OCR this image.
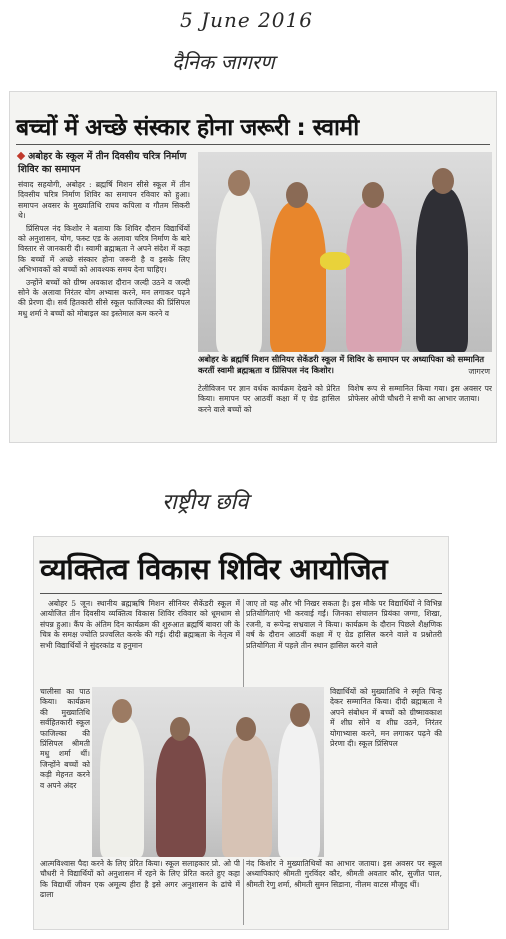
5 June 2016
दैनिक जागरण
राष्ट्रीय छवि
बच्चों में अच्छे संस्कार होना जरूरी : स्वामी
अबोहर के स्कूल में तीन दिवसीय चरित्र निर्माण शिविर का समापन

संवाद सहयोगी, अबोहर : ब्रह्मर्षि मिशन सीसे स्कूल में तीन दिवसीय चरित्र निर्माण शिविर का समापन रविवार को हुआ। समापन अवसर के मुख्यातिथि राघव कपिला व गौतम सिकरी थे।

प्रिंसिपल नंद किशोर ने बताया कि शिविर दौरान विद्यार्थियों को अनुशासन, योग, फस्र्ट एड के अलावा चरित्र निर्माण के बारे विस्तार से जानकारी दी। स्वामी ब्रह्मऋता ने अपने संदेश में कहा कि बच्चों में अच्छे संस्कार होना जरूरी है व इसके लिए अभिभावकों को बच्चों को आवश्यक समय देना चाहिए।

उन्होंने बच्चों को ग्रीष्म अवकाश दौरान जल्दी उठने व जल्दी सोने के अलावा निरंतर योग अभ्यास करने, मन लगाकर पढ़ने की प्रेरणा दी। सर्व हितकारी सीसे स्कूल फाजिल्का की प्रिंसिपल मधु शर्मा ने बच्चों को मोबाइल का इस्तेमाल कम करने व

अबोहर के ब्रह्मर्षि मिशन सीनियर सेकेंडरी स्कूल में शिविर के समापन पर अध्यापिका को सम्मानित करतीं स्वामी ब्रह्मऋता व प्रिंसिपल नंद किशोर।	जागरण

टेलीविजन पर ज्ञान वर्धक कार्यक्रम देखने को प्रेरित किया। समापन पर आठवीं कक्षा में ए ग्रेड हासिल करने वाले बच्चों को

विशेष रूप से सम्मानित किया गया। इस अवसर पर प्रोफेसर ओपी चौधरी ने सभी का आभार जताया।

व्यक्तित्व विकास शिविर आयोजित

अबोहर 5 जून। स्थानीय ब्रह्मऋषि मिशन सीनियर सैकेंडरी स्कूल में आयोजित तीन दिवसीय व्यक्तित्व विकास शिविर रविवार को धूमधाम से संपन्न हुआ। कैंप के अंतिम दिन कार्यक्रम की शुरुआत ब्रह्मर्षि बावरा जी के चित्र के समक्ष ज्योति प्रज्वलित करके की गई। दीदी ब्रह्मऋता के नेतृत्व में सभी विद्यार्थियों ने सुंदरकांड व हनुमान

चालीसा का पाठ किया। कार्यक्रम की मुख्यातिथि सर्वहितकारी स्कूल फाजिल्का की प्रिंसिपल श्रीमती मधु शर्मा थीं। जिन्होंने बच्चों को कड़ी मेहनत करने व अपने अंदर

आत्मविश्वास पैदा करने के लिए प्रेरित किया। स्कूल सलाहकार प्रो. ओ पी चौधरी ने विद्यार्थियों को अनुशासन में रहने के लिए प्रेरित करते हुए कहा कि विद्यार्थी जीवन एक अमूल्य हीरा है इसे अगर अनुशासन के ढांचे में ढाला

जाए तो यह और भी निखर सकता है। इस मौके पर विद्यार्थियों ने विभिन्न प्रतियोगिताएं भी करवाई गईं। जिनका संचालन प्रियंका जग्गा, शिखा, रजनी, व रूपेन्द्र सभ्रवाल ने किया। कार्यक्रम के दौरान पिछले शैक्षणिक वर्ष के दौरान आठवीं कक्षा में ए ग्रेड हासिल करने वाले व प्रश्नोतरी प्रतियोगिता में पहले तीन स्थान हासिल करने वाले

विद्यार्थियों को मुख्यातिथि ने स्मृति चिन्ह देकर सम्मानित किया। दीदी ब्रह्मऋता ने अपने संबोधन में बच्चों को ग्रीष्मावकाश में शीघ्र सोने व शीघ्र उठने, निरंतर योगाभ्यास करने, मन लगाकर पढ़ने की प्रेरणा दी। स्कूल प्रिंसिपल

नंद किशोर ने मुख्यातिथियों का आभार जताया। इस अवसर पर स्कूल अध्यापिकाएं श्रीमती गुरविंदर कौर, श्रीमती अवतार कौर, सुजीत पाल, श्रीमती रेणु शर्मा, श्रीमती सुमन सिडाना, नीलम वाटस मौजूद थीं।
